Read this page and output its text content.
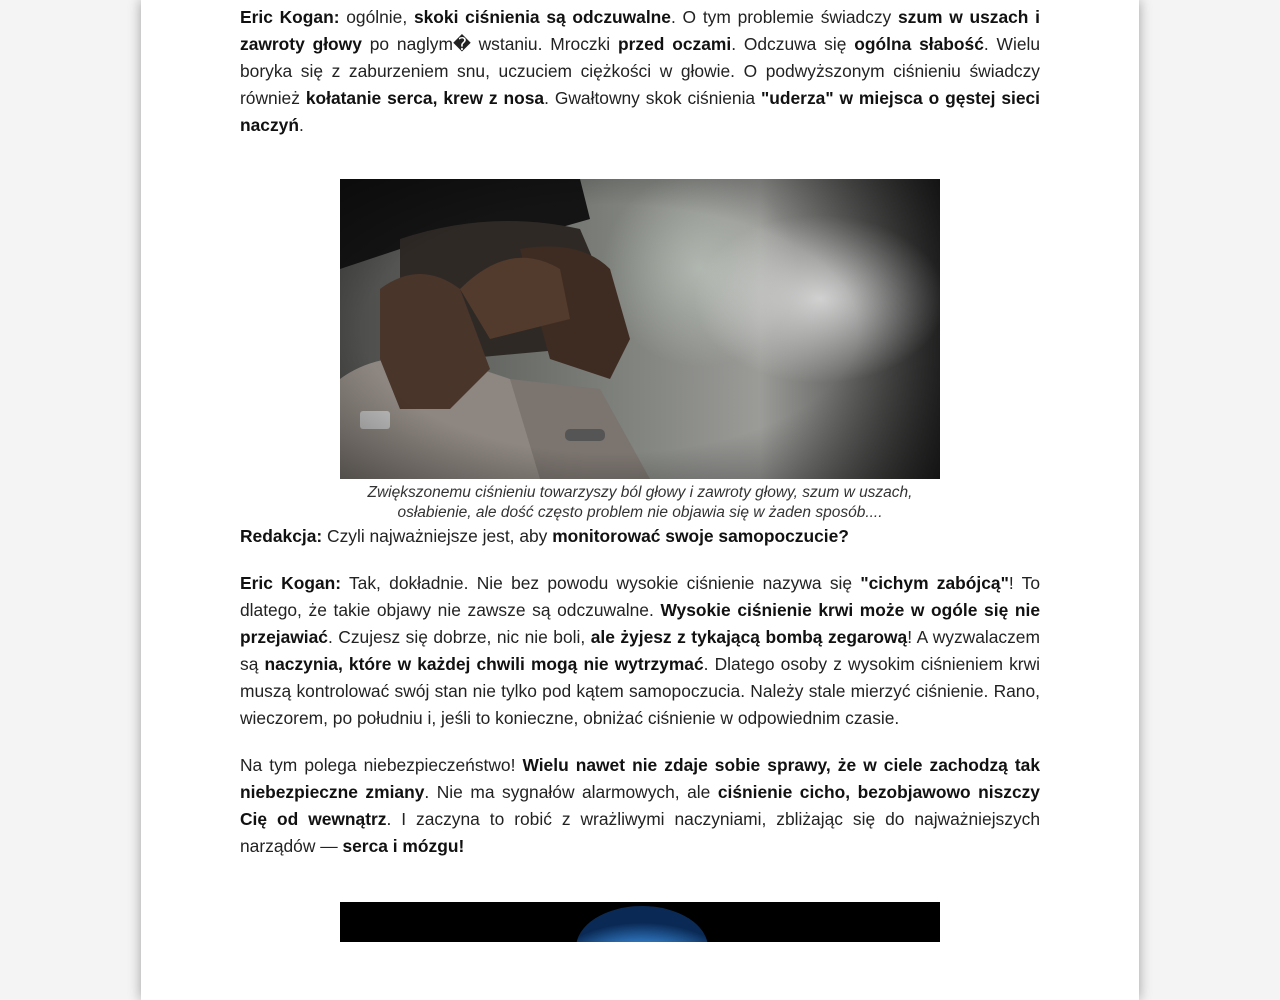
Eric Kogan: ogólnie, skoki ciśnienia są odczuwalne. O tym problemie świadczy szum w uszach i zawroty głowy po naglym� wstaniu. Mroczki przed oczami. Odczuwa się ogólna słabość. Wielu boryka się z zaburzeniem snu, uczuciem ciężkości w głowie. O podwyższonym ciśnieniu świadczy również kołatanie serca, krew z nosa. Gwałtowny skok ciśnienia "uderza" w miejsca o gęstej sieci naczyń.

Zwiększonemu ciśnieniu towarzyszy ból głowy i zawroty głowy, szum w uszach, osłabienie, ale dość często problem nie objawia się w żaden sposób....

Redakcja: Czyli najważniejsze jest, aby monitorować swoje samopoczucie?

Eric Kogan: Tak, dokładnie. Nie bez powodu wysokie ciśnienie nazywa się "cichym zabójcą"! To dlatego, że takie objawy nie zawsze są odczuwalne. Wysokie ciśnienie krwi może w ogóle się nie przejawiać. Czujesz się dobrze, nic nie boli, ale żyjesz z tykającą bombą zegarową! A wyzwalaczem są naczynia, które w każdej chwili mogą nie wytrzymać. Dlatego osoby z wysokim ciśnieniem krwi muszą kontrolować swój stan nie tylko pod kątem samopoczucia. Należy stale mierzyć ciśnienie. Rano, wieczorem, po południu i, jeśli to konieczne, obniżać ciśnienie w odpowiednim czasie.

Na tym polega niebezpieczeństwo! Wielu nawet nie zdaje sobie sprawy, że w ciele zachodzą tak niebezpieczne zmiany. Nie ma sygnałów alarmowych, ale ciśnienie cicho, bezobjawowo niszczy Cię od wewnątrz. I zaczyna to robić z wrażliwymi naczyniami, zbliżając się do najważniejszych narządów — serca i mózgu!
